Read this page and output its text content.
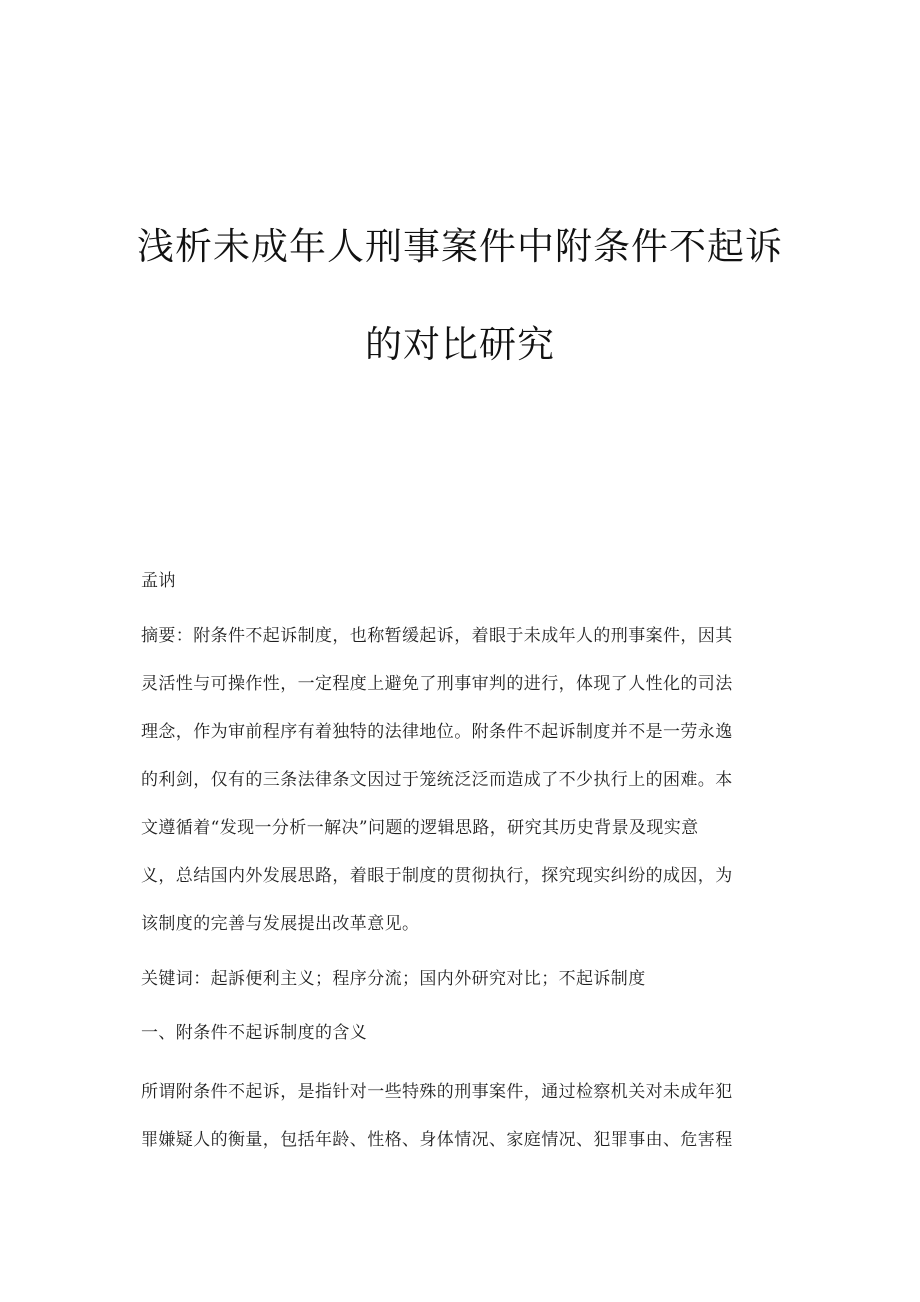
浅析未成年人刑事案件中附条件不起诉
的对比研究

孟讷

摘要：附条件不起诉制度，也称暂缓起诉，着眼于未成年人的刑事案件，因其
灵活性与可操作性，一定程度上避免了刑事审判的进行，体现了人性化的司法
理念，作为审前程序有着独特的法律地位。附条件不起诉制度并不是一劳永逸
的利剑，仅有的三条法律条文因过于笼统泛泛而造成了不少执行上的困难。本
文遵循着“发现一分析一解决”问题的逻辑思路，研究其历史背景及现实意
义，总结国内外发展思路，着眼于制度的贯彻执行，探究现实纠纷的成因，为
该制度的完善与发展提出改革意见。

关键词：起訴便利主义；程序分流；国内外研究对比；不起诉制度

一、附条件不起诉制度的含义

所谓附条件不起诉，是指针对一些特殊的刑事案件，通过检察机关对未成年犯
罪嫌疑人的衡量，包括年龄、性格、身体情况、家庭情况、犯罪事由、危害程
